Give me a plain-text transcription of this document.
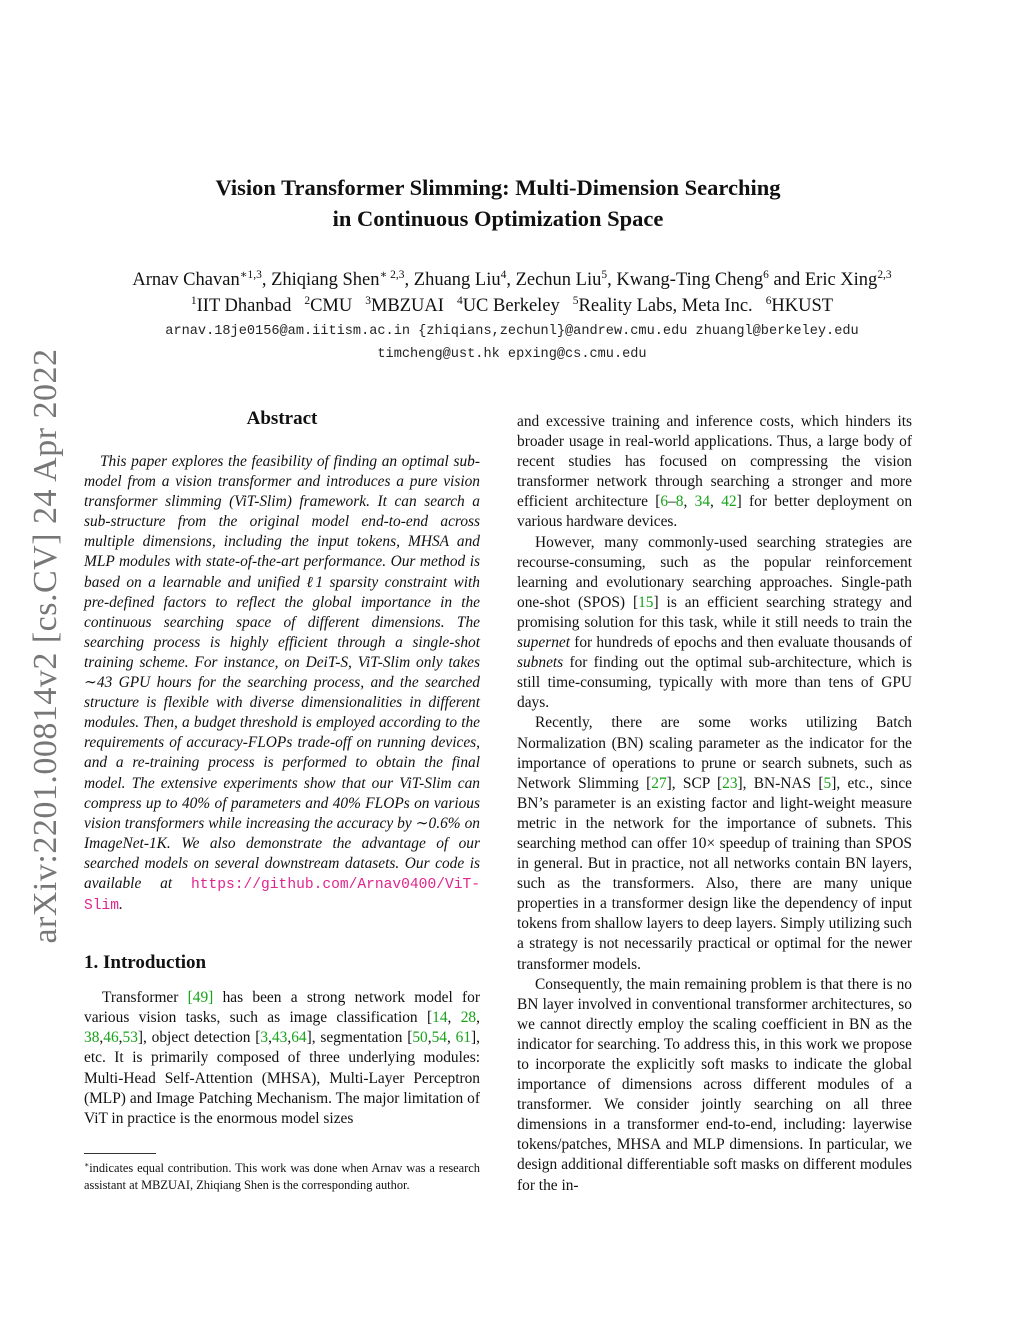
arXiv:2201.00814v2 [cs.CV] 24 Apr 2022
Vision Transformer Slimming: Multi-Dimension Searching
in Continuous Optimization Space
Arnav Chavan$^{∗1,3}$, Zhiqiang Shen$^{∗ 2,3}$, Zhuang Liu$^4$, Zechun Liu$^5$, Kwang-Ting Cheng$^6$ and Eric Xing$^{2,3}$
$^1$IIT Dhanbad $^2$CMU $^3$MBZUAI $^4$UC Berkeley $^5$Reality Labs, Meta Inc. $^6$HKUST
arnav.18je0156@am.iitism.ac.in {zhiqians,zechunl}@andrew.cmu.edu zhuangl@berkeley.edu
timcheng@ust.hk epxing@cs.cmu.edu
Abstract

This paper explores the feasibility of finding an optimal sub-model from a vision transformer and introduces a pure vision transformer slimming (ViT-Slim) framework. It can search a sub-structure from the original model end-to-end across multiple dimensions, including the input tokens, MHSA and MLP modules with state-of-the-art performance. Our method is based on a learnable and unified ℓ1 sparsity constraint with pre-defined factors to reflect the global importance in the continuous searching space of different dimensions. The searching process is highly efficient through a single-shot training scheme. For instance, on DeiT-S, ViT-Slim only takes ∼43 GPU hours for the searching process, and the searched structure is flexible with diverse dimensionalities in different modules. Then, a budget threshold is employed according to the requirements of accuracy-FLOPs trade-off on running devices, and a re-training process is performed to obtain the final model. The extensive experiments show that our ViT-Slim can compress up to 40% of parameters and 40% FLOPs on various vision transformers while increasing the accuracy by ∼0.6% on ImageNet-1K. We also demonstrate the advantage of our searched models on several downstream datasets. Our code is available at https://github.com/Arnav0400/ViT-Slim.

1. Introduction

Transformer [49] has been a strong network model for various vision tasks, such as image classification [14, 28, 38,46,53], object detection [3,43,64], segmentation [50,54, 61], etc. It is primarily composed of three underlying modules: Multi-Head Self-Attention (MHSA), Multi-Layer Perceptron (MLP) and Image Patching Mechanism. The major limitation of ViT in practice is the enormous model sizes

and excessive training and inference costs, which hinders its broader usage in real-world applications. Thus, a large body of recent studies has focused on compressing the vision transformer network through searching a stronger and more efficient architecture [6–8, 34, 42] for better deployment on various hardware devices.

However, many commonly-used searching strategies are recourse-consuming, such as the popular reinforcement learning and evolutionary searching approaches. Single-path one-shot (SPOS) [15] is an efficient searching strategy and promising solution for this task, while it still needs to train the supernet for hundreds of epochs and then evaluate thousands of subnets for finding out the optimal sub-architecture, which is still time-consuming, typically with more than tens of GPU days.

Recently, there are some works utilizing Batch Normalization (BN) scaling parameter as the indicator for the importance of operations to prune or search subnets, such as Network Slimming [27], SCP [23], BN-NAS [5], etc., since BN’s parameter is an existing factor and light-weight measure metric in the network for the importance of subnets. This searching method can offer 10× speedup of training than SPOS in general. But in practice, not all networks contain BN layers, such as the transformers. Also, there are many unique properties in a transformer design like the dependency of input tokens from shallow layers to deep layers. Simply utilizing such a strategy is not necessarily practical or optimal for the newer transformer models.

Consequently, the main remaining problem is that there is no BN layer involved in conventional transformer architectures, so we cannot directly employ the scaling coefficient in BN as the indicator for searching. To address this, in this work we propose to incorporate the explicitly soft masks to indicate the global importance of dimensions across different modules of a transformer. We consider jointly searching on all three dimensions in a transformer end-to-end, including: layerwise tokens/patches, MHSA and MLP dimensions. In particular, we design additional differentiable soft masks on different modules for the in-

∗indicates equal contribution. This work was done when Arnav was a research assistant at MBZUAI, Zhiqiang Shen is the corresponding author.
